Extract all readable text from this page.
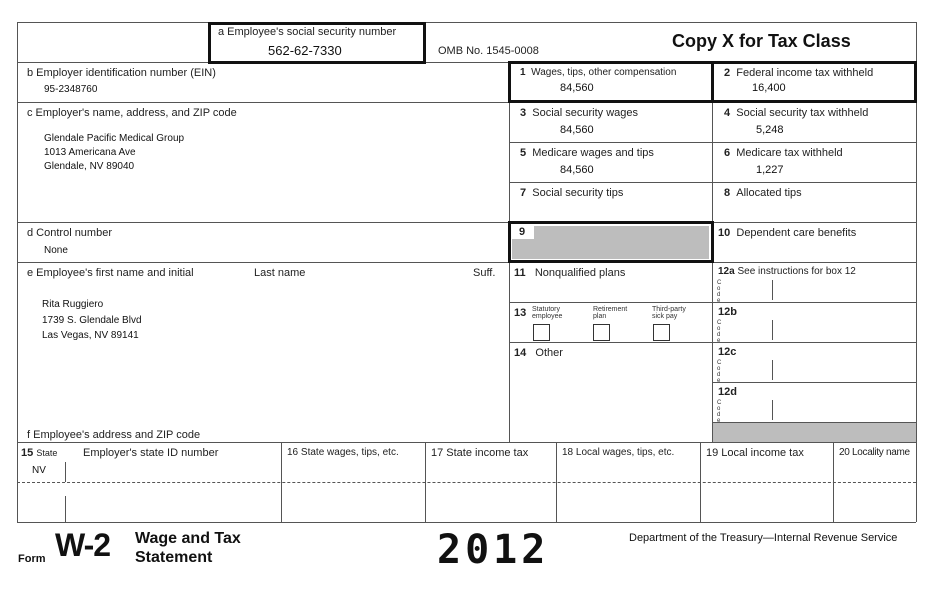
a Employee's social security number
562-62-7330	OMB No. 1545-0008	Copy X for Tax Class
b Employer identification number (EIN)
95-2348760
c Employer's name, address, and ZIP code
Glendale Pacific Medical Group
1013 Americana Ave
Glendale, NV 89040
d Control number
None
e Employee's first name and initial	Last name	Suff.
Rita Ruggiero
1739 S. Glendale Blvd
Las Vegas, NV 89141
f Employee's address and ZIP code
1 Wages, tips, other compensation
84,560
2 Federal income tax withheld
16,400
3 Social security wages
84,560
4 Social security tax withheld
5,248
5 Medicare wages and tips
84,560
6 Medicare tax withheld
1,227
7 Social security tips	8 Allocated tips
9	10 Dependent care benefits
11 Nonqualified plans	12a See instructions for box 12
Code
12b
Code
12c
Code
12d
Code
13 Statutory employee
Retirement plan
Third-party sick pay
14 Other
15 State Employer's state ID number
NV
16 State wages, tips, etc.	17 State income tax	18 Local wages, tips, etc.	19 Local income tax	20 Locality name
Form W-2 Wage and Tax
Statement	2012	Department of the Treasury—Internal Revenue Service
